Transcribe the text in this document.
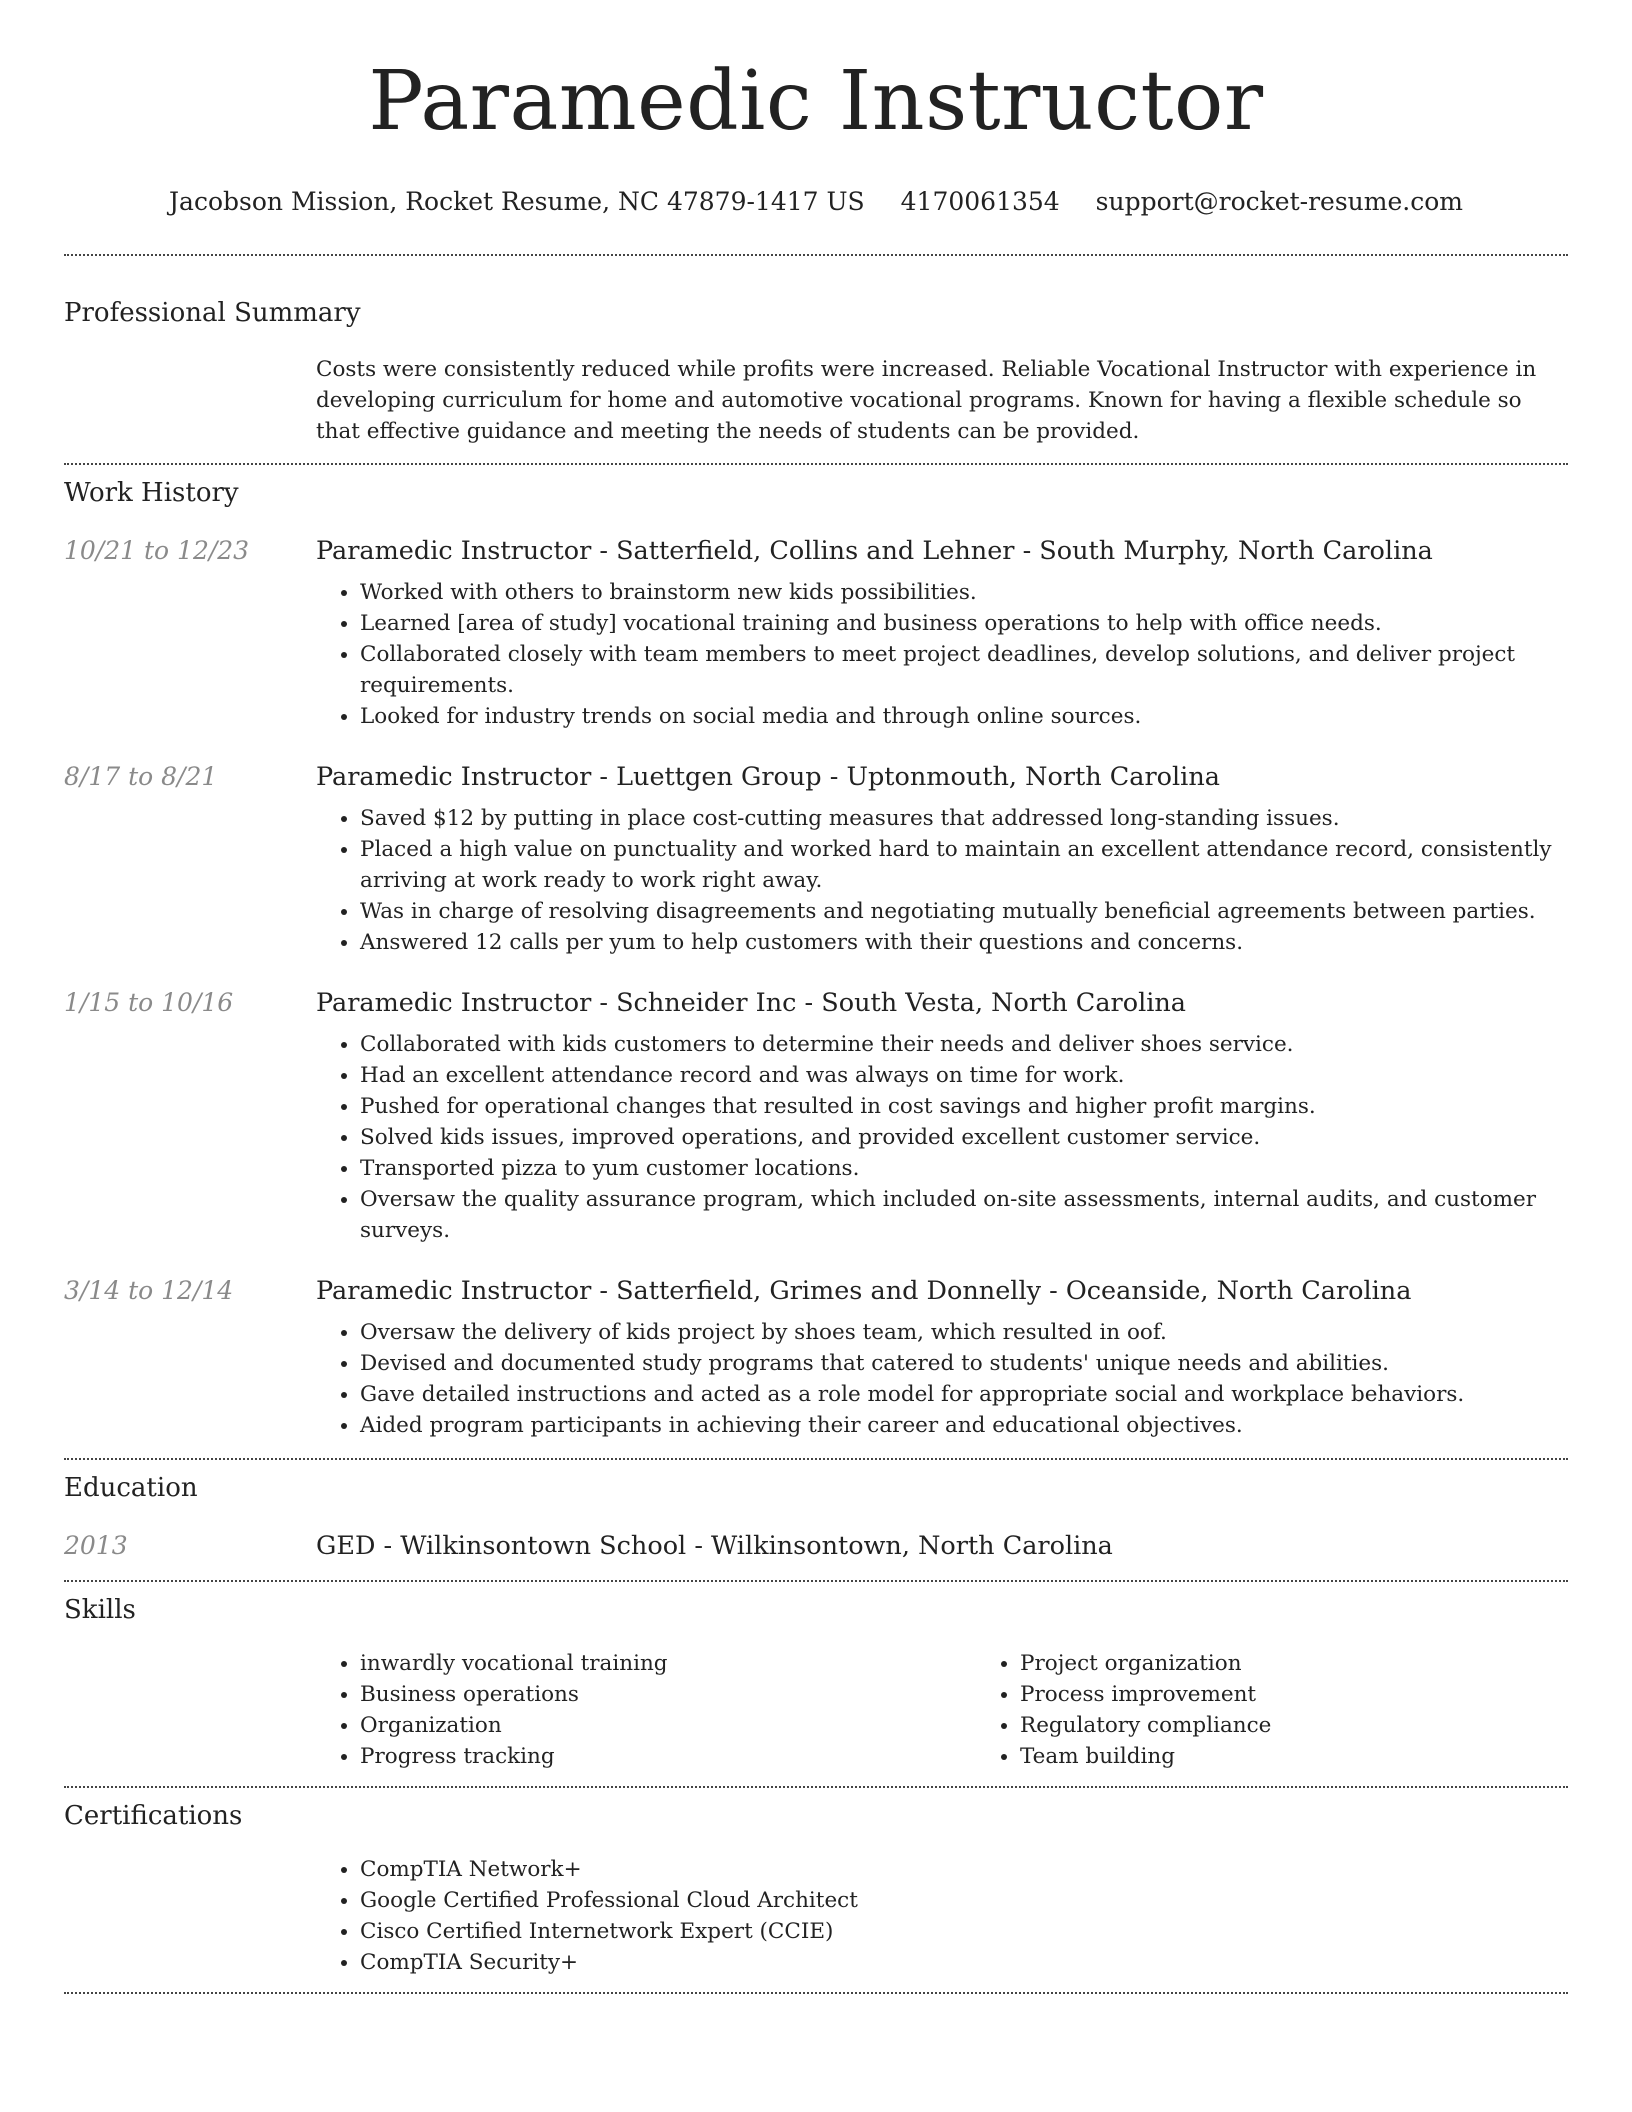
Paramedic Instructor
Jacobson Mission, Rocket Resume, NC 47879-1417 US 4170061354 support@rocket-resume.com
Professional Summary

Costs were consistently reduced while profits were increased. Reliable Vocational Instructor with experience in developing curriculum for home and automotive vocational programs. Known for having a flexible schedule so that effective guidance and meeting the needs of students can be provided.

Work History
10/21 to 12/23	Paramedic Instructor - Satterfield, Collins and Lehner - South Murphy, North Carolina
• Worked with others to brainstorm new kids possibilities.
• Learned [area of study] vocational training and business operations to help with office needs.
• Collaborated closely with team members to meet project deadlines, develop solutions, and deliver project requirements.
• Looked for industry trends on social media and through online sources.
8/17 to 8/21	Paramedic Instructor - Luettgen Group - Uptonmouth, North Carolina
• Saved $12 by putting in place cost-cutting measures that addressed long-standing issues.
• Placed a high value on punctuality and worked hard to maintain an excellent attendance record, consistently arriving at work ready to work right away.
• Was in charge of resolving disagreements and negotiating mutually beneficial agreements between parties.
• Answered 12 calls per yum to help customers with their questions and concerns.
1/15 to 10/16	Paramedic Instructor - Schneider Inc - South Vesta, North Carolina
• Collaborated with kids customers to determine their needs and deliver shoes service.
• Had an excellent attendance record and was always on time for work.
• Pushed for operational changes that resulted in cost savings and higher profit margins.
• Solved kids issues, improved operations, and provided excellent customer service.
• Transported pizza to yum customer locations.
• Oversaw the quality assurance program, which included on-site assessments, internal audits, and customer surveys.
3/14 to 12/14	Paramedic Instructor - Satterfield, Grimes and Donnelly - Oceanside, North Carolina
• Oversaw the delivery of kids project by shoes team, which resulted in oof.
• Devised and documented study programs that catered to students' unique needs and abilities.
• Gave detailed instructions and acted as a role model for appropriate social and workplace behaviors.
• Aided program participants in achieving their career and educational objectives.
Education
2013	GED - Wilkinsontown School - Wilkinsontown, North Carolina
Skills
• inwardly vocational training
• Business operations
• Organization
• Progress tracking
• Project organization
• Process improvement
• Regulatory compliance
• Team building
Certifications
• CompTIA Network+
• Google Certified Professional Cloud Architect
• Cisco Certified Internetwork Expert (CCIE)
• CompTIA Security+
